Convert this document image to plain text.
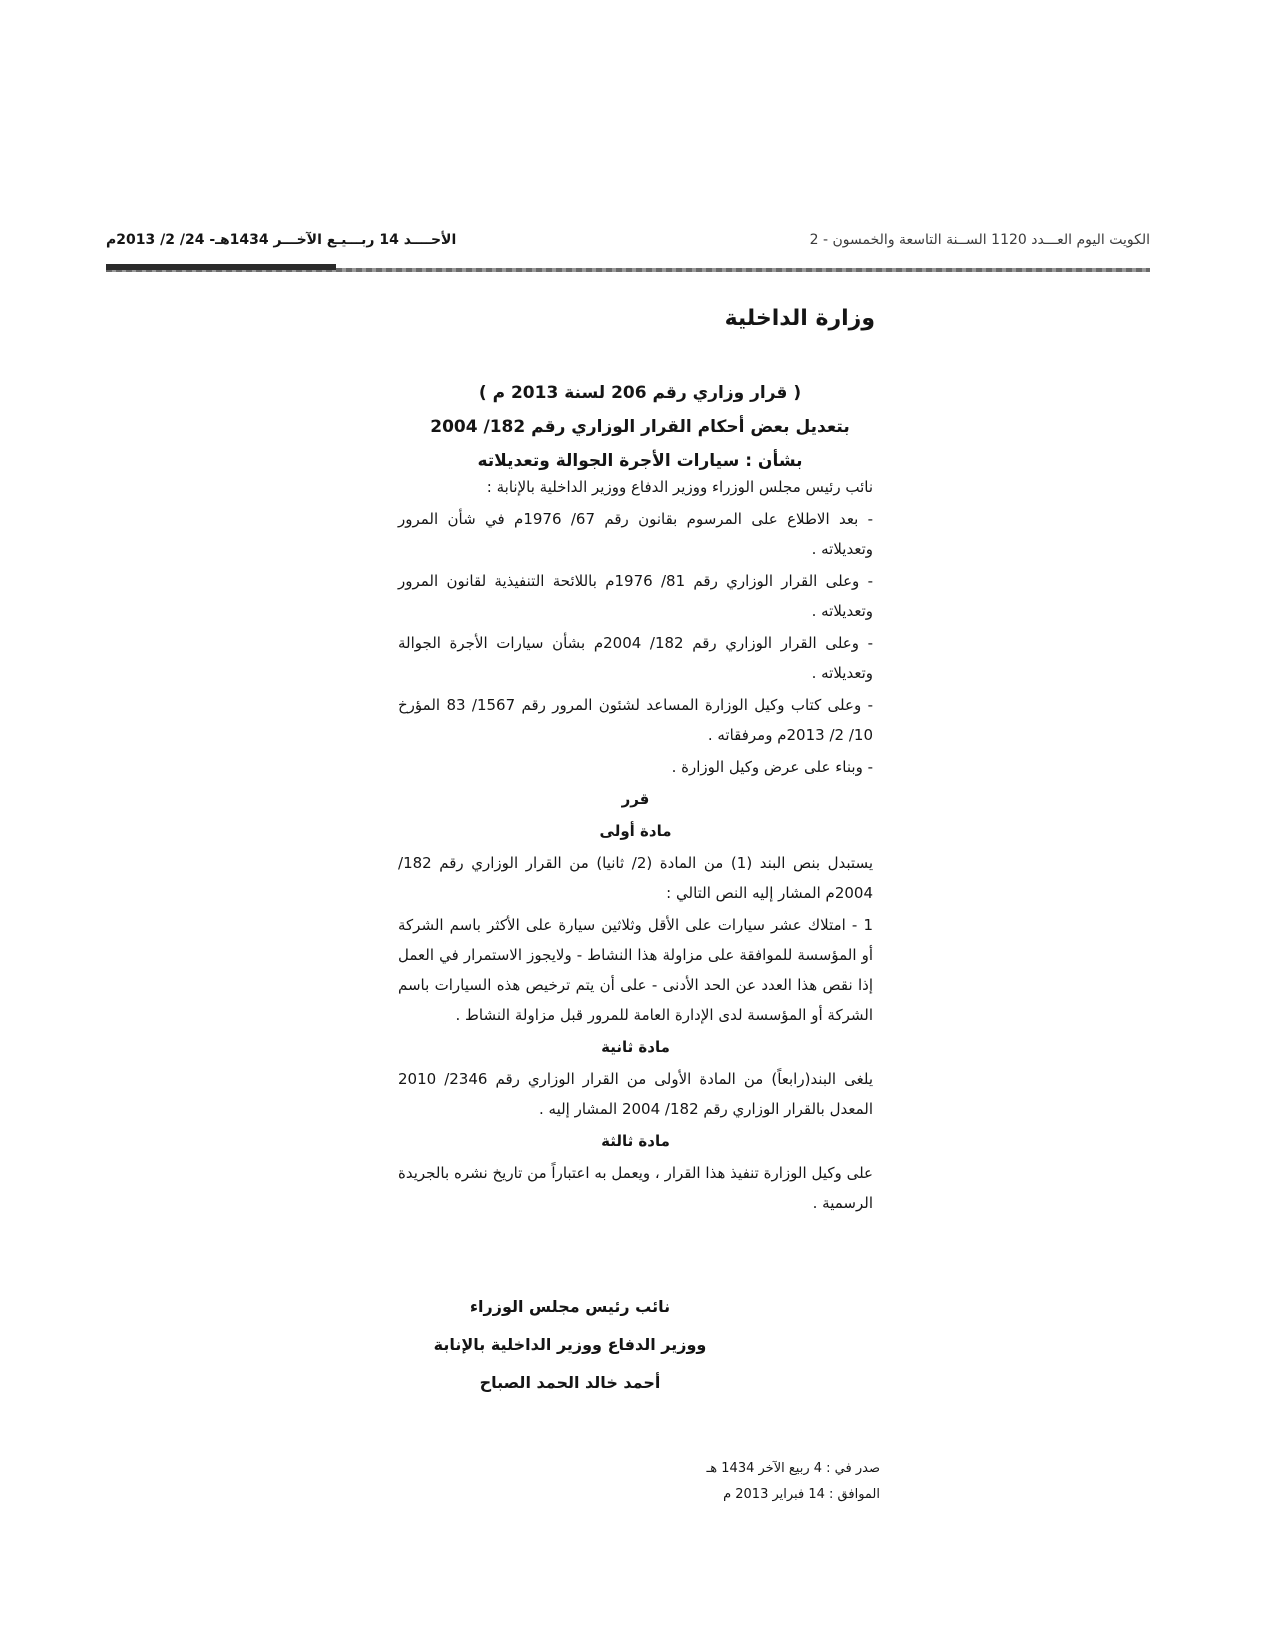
الأحــــد 14 ربـــيـع الآخـــر 1434هـ- 24/ 2/ 2013م	الكويت اليوم العـــدد 1120 الســنة التاسعة والخمسون - 2
وزارة الداخلية
( قرار وزاري رقم 206 لسنة 2013 م )
بتعديل بعض أحكام القرار الوزاري رقم 182/ 2004
بشأن : سيارات الأجرة الجوالة وتعديلاته

نائب رئيس مجلس الوزراء ووزير الدفاع ووزير الداخلية بالإنابة :

- بعد الاطلاع على المرسوم بقانون رقم 67/ 1976م في شأن المرور وتعديلاته .

- وعلى القرار الوزاري رقم 81/ 1976م باللائحة التنفيذية لقانون المرور وتعديلاته .

- وعلى القرار الوزاري رقم 182/ 2004م بشأن سيارات الأجرة الجوالة وتعديلاته .

- وعلى كتاب وكيل الوزارة المساعد لشئون المرور رقم 1567/ 83 المؤرخ 10/ 2/ 2013م ومرفقاته .

- وبناء على عرض وكيل الوزارة .

قرر

مادة أولى

يستبدل بنص البند (1) من المادة (2/ ثانيا) من القرار الوزاري رقم 182/ 2004م المشار إليه النص التالي :

1 - امتلاك عشر سيارات على الأقل وثلاثين سيارة على الأكثر باسم الشركة أو المؤسسة للموافقة على مزاولة هذا النشاط - ولايجوز الاستمرار في العمل إذا نقص هذا العدد عن الحد الأدنى - على أن يتم ترخيص هذه السيارات باسم الشركة أو المؤسسة لدى الإدارة العامة للمرور قبل مزاولة النشاط .

مادة ثانية

يلغى البند(رابعاً) من المادة الأولى من القرار الوزاري رقم 2346/ 2010 المعدل بالقرار الوزاري رقم 182/ 2004 المشار إليه .

مادة ثالثة

على وكيل الوزارة تنفيذ هذا القرار ، ويعمل به اعتباراً من تاريخ نشره بالجريدة الرسمية .

نائب رئيس مجلس الوزراء
ووزير الدفاع ووزير الداخلية بالإنابة
أحمد خالد الحمد الصباح
صدر في : 4 ربيع الآخر 1434 هـ
الموافق : 14 فبراير 2013 م
